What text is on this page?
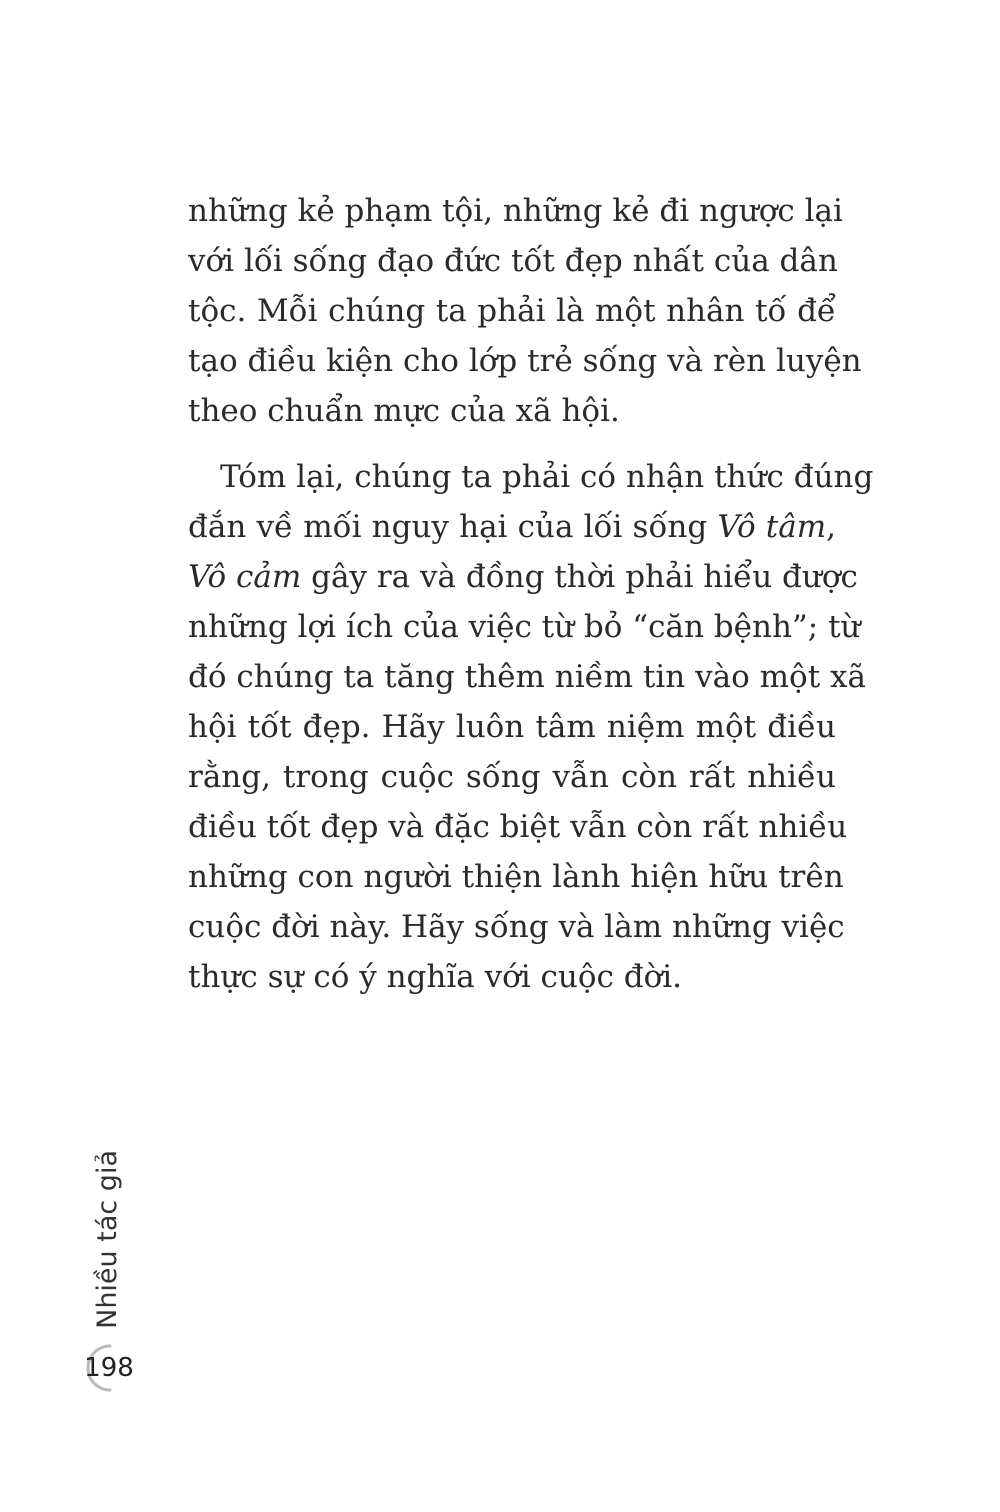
những kẻ phạm tội, những kẻ đi ngược lại
với lối sống đạo đức tốt đẹp nhất của dân
tộc. Mỗi chúng ta phải là một nhân tố để
tạo điều kiện cho lớp trẻ sống và rèn luyện
theo chuẩn mực của xã hội.
Tóm lại, chúng ta phải có nhận thức đúng
đắn về mối nguy hại của lối sống Vô tâm,
Vô cảm gây ra và đồng thời phải hiểu được
những lợi ích của việc từ bỏ “căn bệnh”; từ
đó chúng ta tăng thêm niềm tin vào một xã
hội tốt đẹp. Hãy luôn tâm niệm một điều
rằng, trong cuộc sống vẫn còn rất nhiều
điều tốt đẹp và đặc biệt vẫn còn rất nhiều
những con người thiện lành hiện hữu trên
cuộc đời này. Hãy sống và làm những việc
thực sự có ý nghĩa với cuộc đời.
Nhiều tác giả
198
